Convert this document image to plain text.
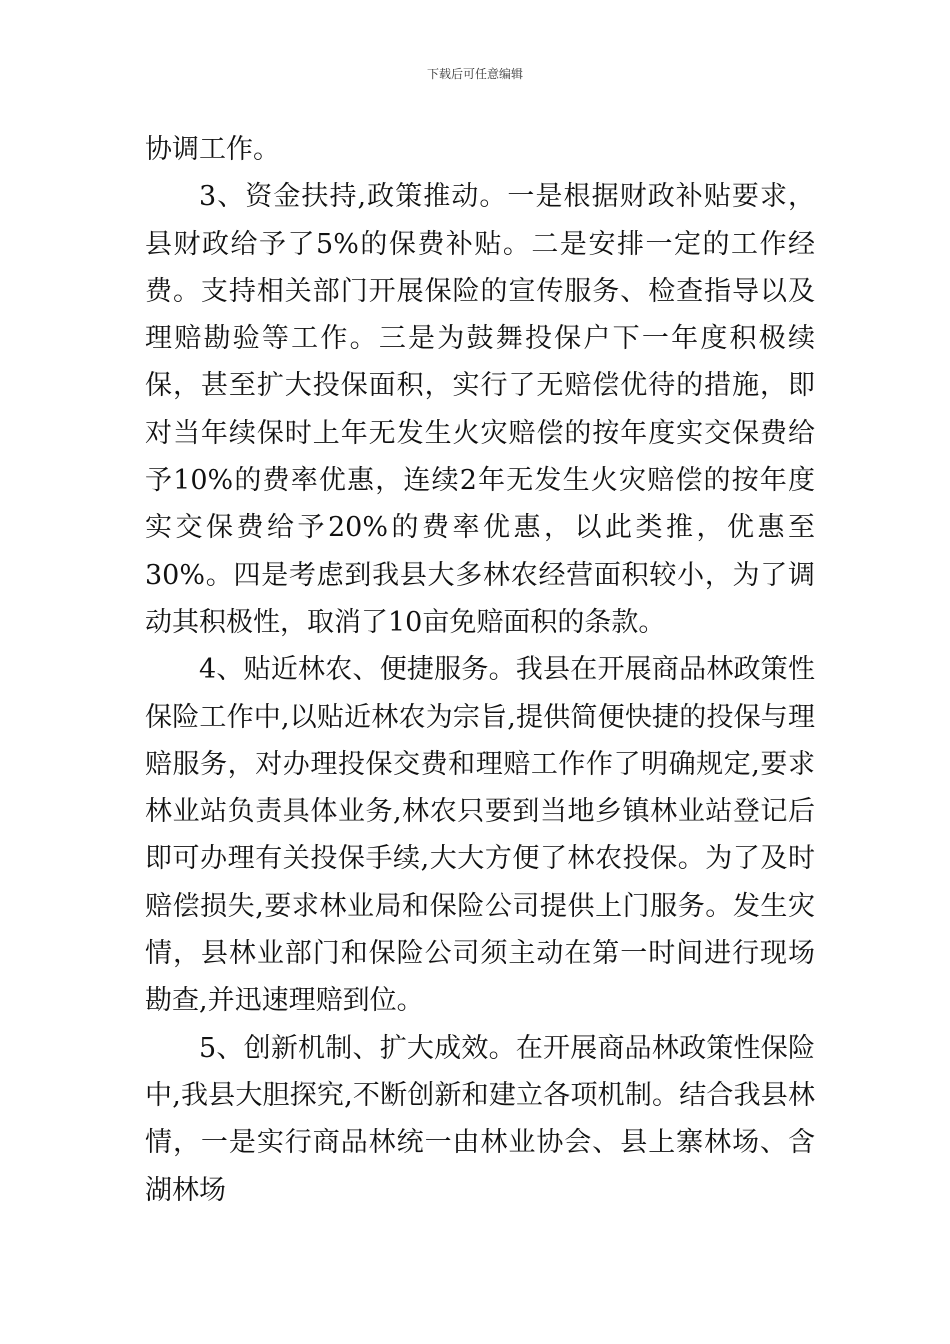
下载后可任意编辑

协调工作。

3、资金扶持,政策推动。一是根据财政补贴要求，县财政给予了5%的保费补贴。二是安排一定的工作经费。支持相关部门开展保险的宣传服务、检查指导以及理赔勘验等工作。三是为鼓舞投保户下一年度积极续保，甚至扩大投保面积，实行了无赔偿优待的措施，即对当年续保时上年无发生火灾赔偿的按年度实交保费给予10%的费率优惠，连续2年无发生火灾赔偿的按年度实交保费给予20%的费率优惠，以此类推，优惠至30%。四是考虑到我县大多林农经营面积较小，为了调动其积极性，取消了10亩免赔面积的条款。

4、贴近林农、便捷服务。我县在开展商品林政策性保险工作中,以贴近林农为宗旨,提供简便快捷的投保与理赔服务，对办理投保交费和理赔工作作了明确规定,要求林业站负责具体业务,林农只要到当地乡镇林业站登记后即可办理有关投保手续,大大方便了林农投保。为了及时赔偿损失,要求林业局和保险公司提供上门服务。发生灾情，县林业部门和保险公司须主动在第一时间进行现场勘查,并迅速理赔到位。

5、创新机制、扩大成效。在开展商品林政策性保险中,我县大胆探究,不断创新和建立各项机制。结合我县林情，一是实行商品林统一由林业协会、县上寨林场、含湖林场
